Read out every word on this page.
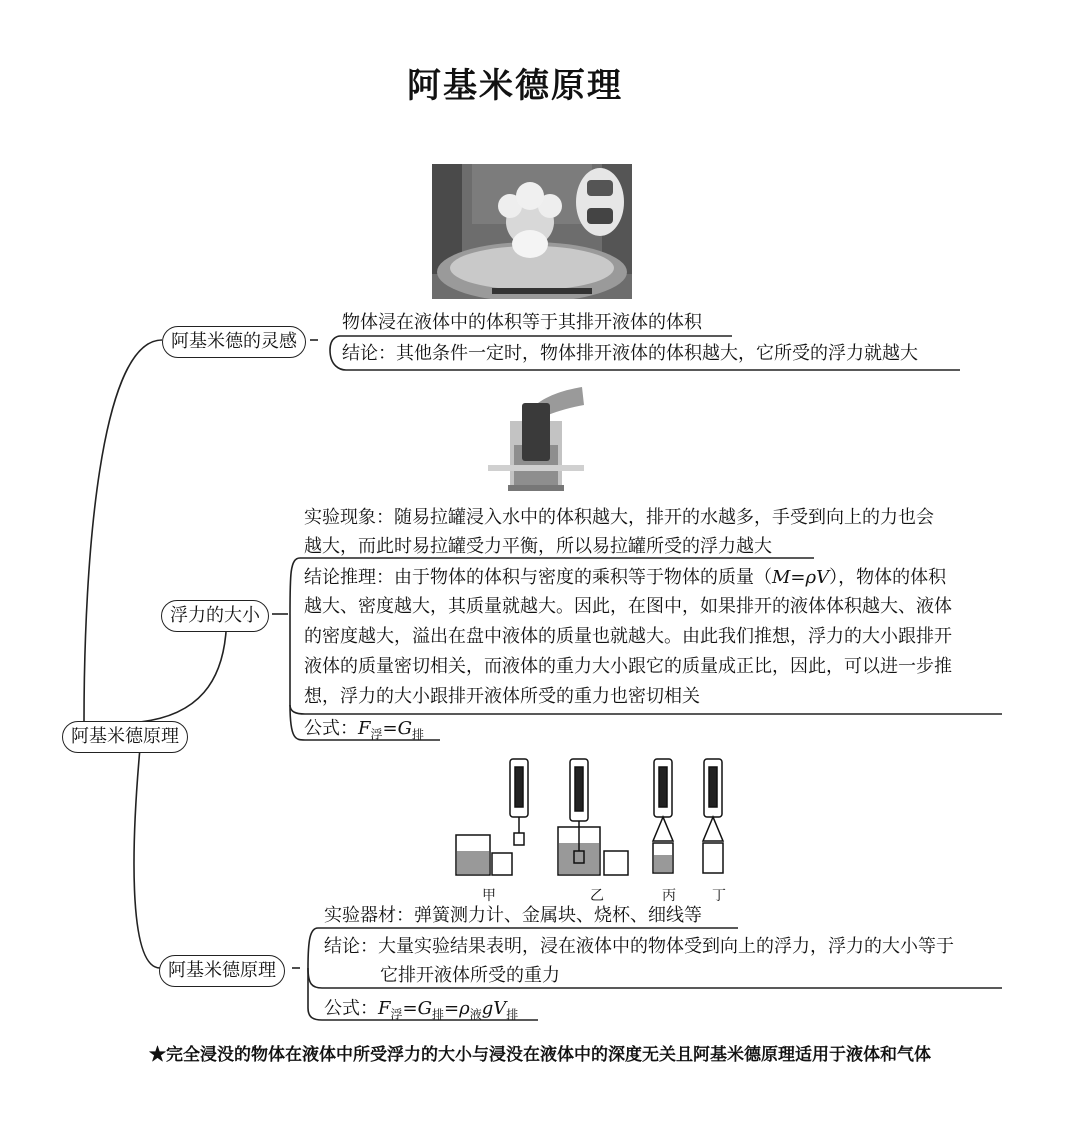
阿基米德原理
阿基米德原理
阿基米德的灵感
物体浸在液体中的体积等于其排开液体的体积
结论：其他条件一定时，物体排开液体的体积越大，它所受的浮力就越大
浮力的大小
实验现象：随易拉罐浸入水中的体积越大，排开的水越多，手受到向上的力也会
越大，而此时易拉罐受力平衡，所以易拉罐所受的浮力越大
结论推理：由于物体的体积与密度的乘积等于物体的质量（M=ρV），物体的体积
越大、密度越大，其质量就越大。因此，在图中，如果排开的液体体积越大、液体
的密度越大，溢出在盘中液体的质量也就越大。由此我们推想，浮力的大小跟排开
液体的质量密切相关，而液体的重力大小跟它的质量成正比，因此，可以进一步推
想，浮力的大小跟排开液体所受的重力也密切相关
公式：$F_浮=G_排$
甲	乙	丙	丁
阿基米德原理
实验器材：弹簧测力计、金属块、烧杯、细线等
结论：大量实验结果表明，浸在液体中的物体受到向上的浮力，浮力的大小等于
它排开液体所受的重力
公式：$F_浮=G_排=\rho_液gV_排$
★完全浸没的物体在液体中所受浮力的大小与浸没在液体中的深度无关且阿基米德原理适用于液体和气体
